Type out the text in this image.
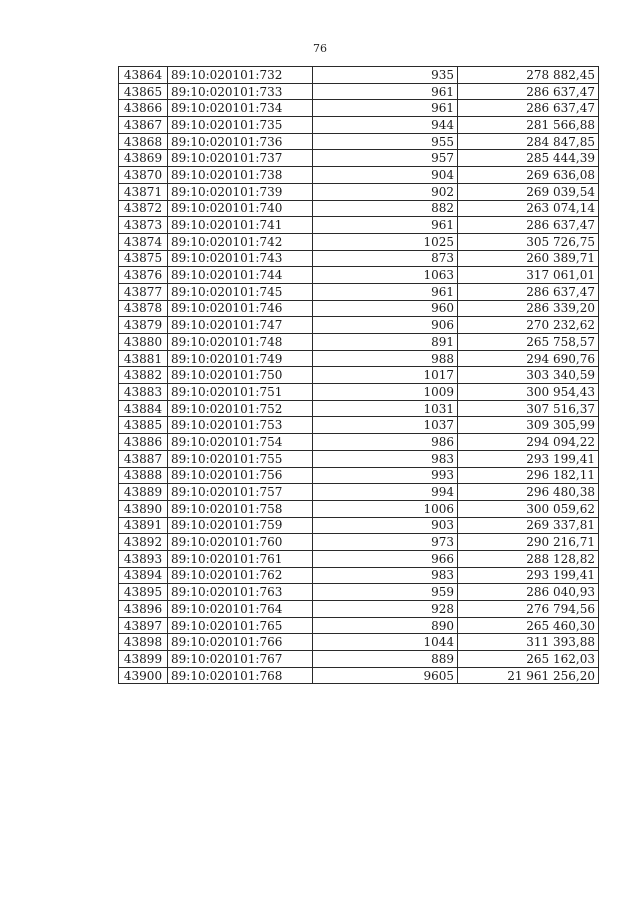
76
43864	89:10:020101:732	935	278 882,45
43865	89:10:020101:733	961	286 637,47
43866	89:10:020101:734	961	286 637,47
43867	89:10:020101:735	944	281 566,88
43868	89:10:020101:736	955	284 847,85
43869	89:10:020101:737	957	285 444,39
43870	89:10:020101:738	904	269 636,08
43871	89:10:020101:739	902	269 039,54
43872	89:10:020101:740	882	263 074,14
43873	89:10:020101:741	961	286 637,47
43874	89:10:020101:742	1025	305 726,75
43875	89:10:020101:743	873	260 389,71
43876	89:10:020101:744	1063	317 061,01
43877	89:10:020101:745	961	286 637,47
43878	89:10:020101:746	960	286 339,20
43879	89:10:020101:747	906	270 232,62
43880	89:10:020101:748	891	265 758,57
43881	89:10:020101:749	988	294 690,76
43882	89:10:020101:750	1017	303 340,59
43883	89:10:020101:751	1009	300 954,43
43884	89:10:020101:752	1031	307 516,37
43885	89:10:020101:753	1037	309 305,99
43886	89:10:020101:754	986	294 094,22
43887	89:10:020101:755	983	293 199,41
43888	89:10:020101:756	993	296 182,11
43889	89:10:020101:757	994	296 480,38
43890	89:10:020101:758	1006	300 059,62
43891	89:10:020101:759	903	269 337,81
43892	89:10:020101:760	973	290 216,71
43893	89:10:020101:761	966	288 128,82
43894	89:10:020101:762	983	293 199,41
43895	89:10:020101:763	959	286 040,93
43896	89:10:020101:764	928	276 794,56
43897	89:10:020101:765	890	265 460,30
43898	89:10:020101:766	1044	311 393,88
43899	89:10:020101:767	889	265 162,03
43900	89:10:020101:768	9605	21 961 256,20
